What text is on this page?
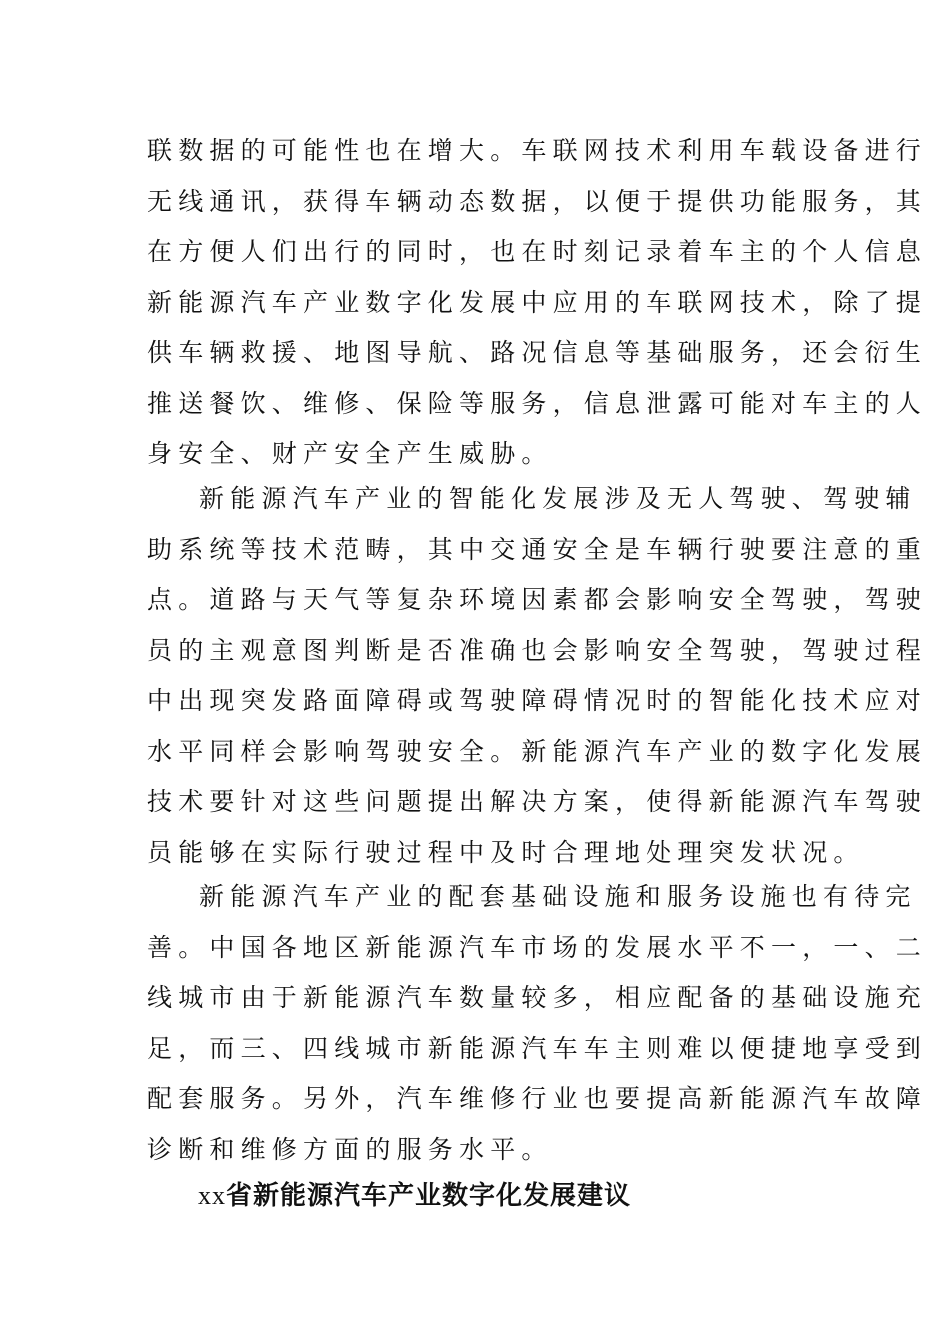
联数据的可能性也在增大。车联网技术利用车载设备进行
无线通讯，获得车辆动态数据，以便于提供功能服务，其
在方便人们出行的同时，也在时刻记录着车主的个人信息
新能源汽车产业数字化发展中应用的车联网技术，除了提
供车辆救援、地图导航、路况信息等基础服务，还会衍生
推送餐饮、维修、保险等服务，信息泄露可能对车主的人
身安全、财产安全产生威胁。
新能源汽车产业的智能化发展涉及无人驾驶、驾驶辅
助系统等技术范畴，其中交通安全是车辆行驶要注意的重
点。道路与天气等复杂环境因素都会影响安全驾驶，驾驶
员的主观意图判断是否准确也会影响安全驾驶，驾驶过程
中出现突发路面障碍或驾驶障碍情况时的智能化技术应对
水平同样会影响驾驶安全。新能源汽车产业的数字化发展
技术要针对这些问题提出解决方案，使得新能源汽车驾驶
员能够在实际行驶过程中及时合理地处理突发状况。
新能源汽车产业的配套基础设施和服务设施也有待完
善。中国各地区新能源汽车市场的发展水平不一，一、二
线城市由于新能源汽车数量较多，相应配备的基础设施充
足，而三、四线城市新能源汽车车主则难以便捷地享受到
配套服务。另外，汽车维修行业也要提高新能源汽车故障
诊断和维修方面的服务水平。
xx省新能源汽车产业数字化发展建议
